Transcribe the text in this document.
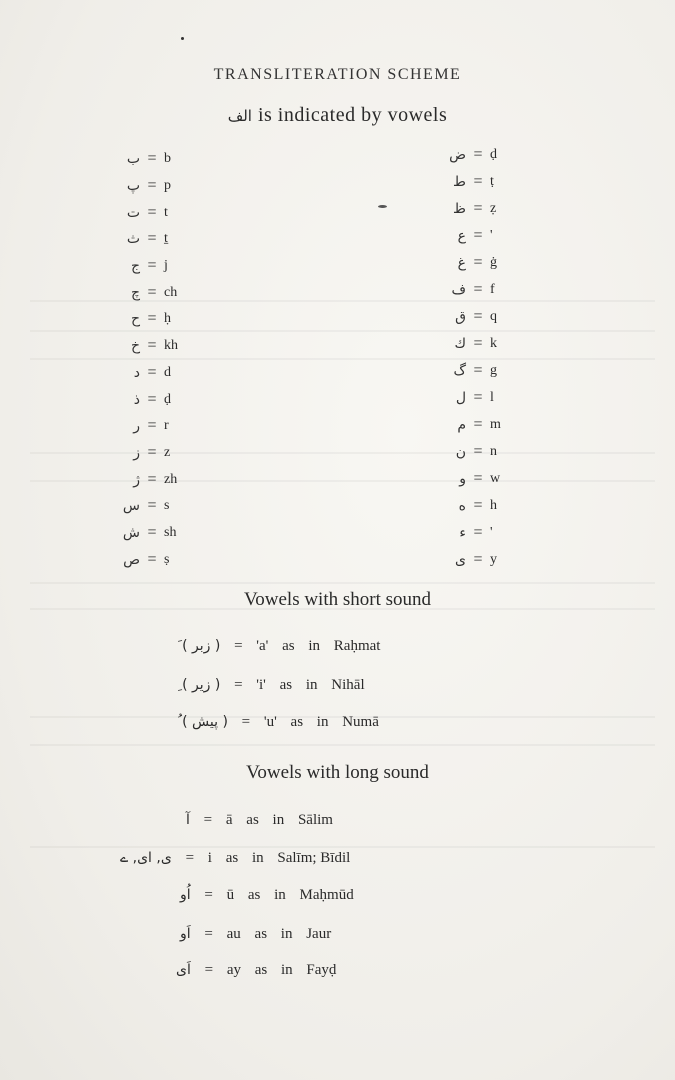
TRANSLITERATION SCHEME
الف is indicated by vowels
ب = b
پ = p
ت = t
ث = ṯ
ج = j
چ = ch
ح = ḥ
خ = kh
د = d
ذ = ḍ
ر = r
ز = z
ژ = zh
س = s
ش = sh
ص = ṣ
ض = ḍ
ط = ṭ
ظ = ẓ
ع = '
غ = ġ
ف = f
ق = q
ك = k
گ = g
ل = l
م = m
ن = n
و = w
ه = h
ء = '
ى = y
Vowels with short sound
َ ( زبر ) = 'a' as in Raḥmat
ِ ( زیر ) = 'i' as in Nihāl
ُ ( پیش ) = 'u' as in Numā
Vowels with long sound
آ = ā as in Sālim
ی, ای, ے = i as in Salīm; Bīdil
اُو = ū as in Maḥmūd
اَو = au as in Jaur
اَی = ay as in Fayḍ
